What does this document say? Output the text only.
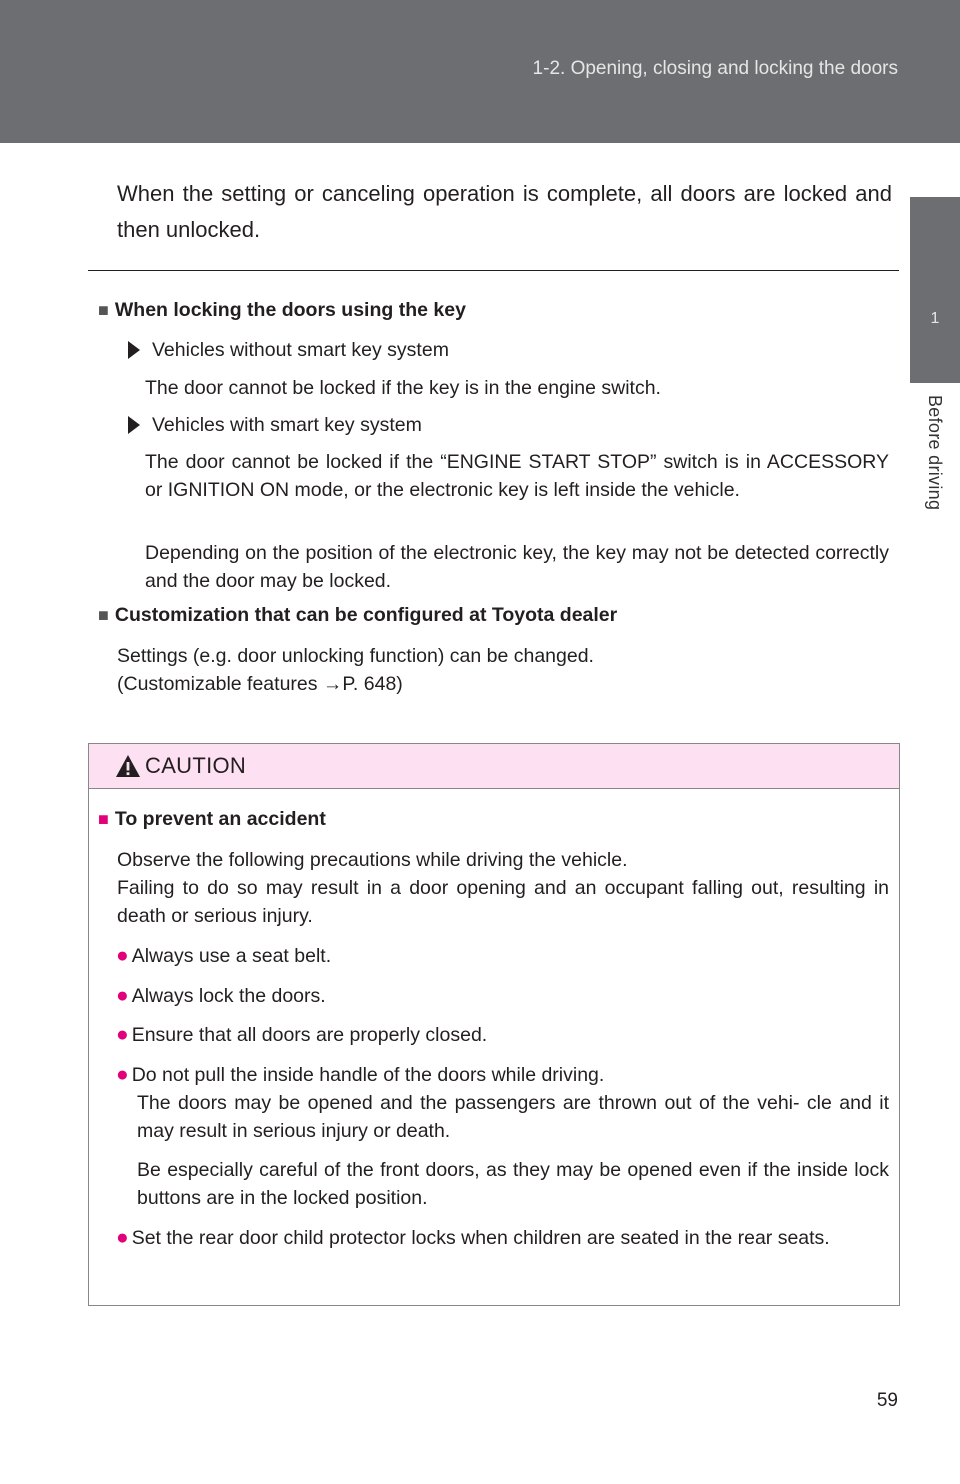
1-2. Opening, closing and locking the doors
1
Before driving
When the setting or canceling operation is complete, all doors are locked and then unlocked.
■ When locking the doors using the key
Vehicles without smart key system
The door cannot be locked if the key is in the engine switch.
Vehicles with smart key system
The door cannot be locked if the “ENGINE START STOP” switch is in ACCESSORY or IGNITION ON mode, or the electronic key is left inside the vehicle.
Depending on the position of the electronic key, the key may not be detected correctly and the door may be locked.
■ Customization that can be configured at Toyota dealer
Settings (e.g. door unlocking function) can be changed.
(Customizable features →P. 648)
CAUTION
■ To prevent an accident
Observe the following precautions while driving the vehicle.
Failing to do so may result in a door opening and an occupant falling out, resulting in death or serious injury.
● Always use a seat belt.
● Always lock the doors.
● Ensure that all doors are properly closed.
● Do not pull the inside handle of the doors while driving.
The doors may be opened and the passengers are thrown out of the vehi- cle and it may result in serious injury or death.
Be especially careful of the front doors, as they may be opened even if the inside lock buttons are in the locked position.
● Set the rear door child protector locks when children are seated in the rear seats.
59
